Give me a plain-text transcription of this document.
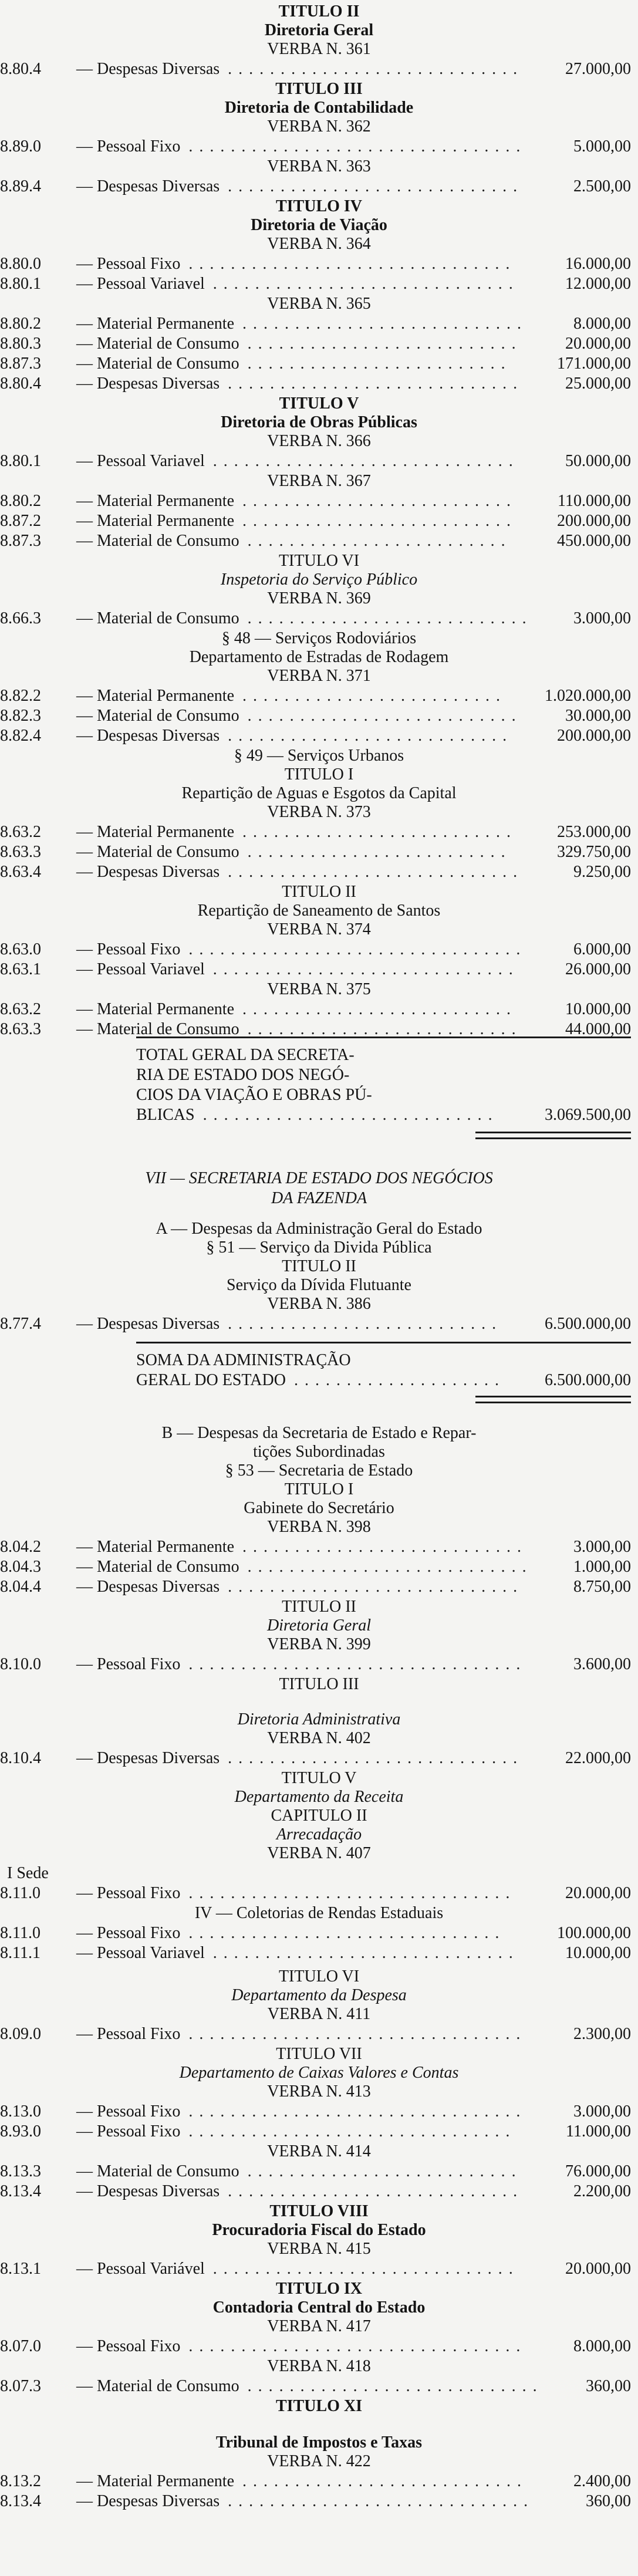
TITULO II
Diretoria Geral
VERBA N. 361
8.80.4 — Despesas Diversas	27.000,00
. . . . . . . . . . . . . . . . . . . . . . . . . . . .
TITULO III
Diretoria de Contabilidade
VERBA N. 362
8.89.0 — Pessoal Fixo	5.000,00
. . . . . . . . . . . . . . . . . . . . . . . . . . . . . . . .
VERBA N. 363
8.89.4 — Despesas Diversas	2.500,00
. . . . . . . . . . . . . . . . . . . . . . . . . . . .
TITULO IV
Diretoria de Viação
VERBA N. 364
8.80.0 — Pessoal Fixo	16.000,00
. . . . . . . . . . . . . . . . . . . . . . . . . . . . . . .
8.80.1 — Pessoal Variavel	12.000,00
. . . . . . . . . . . . . . . . . . . . . . . . . . . . .
VERBA N. 365
8.80.2 — Material Permanente	8.000,00
. . . . . . . . . . . . . . . . . . . . . . . . . . .
8.80.3 — Material de Consumo	20.000,00
. . . . . . . . . . . . . . . . . . . . . . . . . .
8.87.3 — Material de Consumo	171.000,00
. . . . . . . . . . . . . . . . . . . . . . . . .
8.80.4 — Despesas Diversas	25.000,00
. . . . . . . . . . . . . . . . . . . . . . . . . . . .
TITULO V
Diretoria de Obras Públicas
VERBA N. 366
8.80.1 — Pessoal Variavel	50.000,00
. . . . . . . . . . . . . . . . . . . . . . . . . . . . .
VERBA N. 367
8.80.2 — Material Permanente	110.000,00
. . . . . . . . . . . . . . . . . . . . . . . . . .
8.87.2 — Material Permanente	200.000,00
. . . . . . . . . . . . . . . . . . . . . . . . . .
8.87.3 — Material de Consumo	450.000,00
. . . . . . . . . . . . . . . . . . . . . . . . .
TITULO VI
Inspetoria do Serviço Público
VERBA N. 369
8.66.3 — Material de Consumo	3.000,00
. . . . . . . . . . . . . . . . . . . . . . . . . . .
§ 48 — Serviços Rodoviários
Departamento de Estradas de Rodagem
VERBA N. 371
8.82.2 — Material Permanente	1.020.000,00
. . . . . . . . . . . . . . . . . . . . . . . . .
8.82.3 — Material de Consumo	30.000,00
. . . . . . . . . . . . . . . . . . . . . . . . . .
8.82.4 — Despesas Diversas	200.000,00
. . . . . . . . . . . . . . . . . . . . . . . . . . .
§ 49 — Serviços Urbanos
TITULO I
Repartição de Aguas e Esgotos da Capital
VERBA N. 373
8.63.2 — Material Permanente	253.000,00
. . . . . . . . . . . . . . . . . . . . . . . . . .
8.63.3 — Material de Consumo	329.750,00
. . . . . . . . . . . . . . . . . . . . . . . . .
8.63.4 — Despesas Diversas	9.250,00
. . . . . . . . . . . . . . . . . . . . . . . . . . . .
TITULO II
Repartição de Saneamento de Santos
VERBA N. 374
8.63.0 — Pessoal Fixo	6.000,00
. . . . . . . . . . . . . . . . . . . . . . . . . . . . . . . .
8.63.1 — Pessoal Variavel	26.000,00
. . . . . . . . . . . . . . . . . . . . . . . . . . . . .
VERBA N. 375
8.63.2 — Material Permanente	10.000,00
. . . . . . . . . . . . . . . . . . . . . . . . . .
8.63.3 — Material de Consumo	44.000,00
. . . . . . . . . . . . . . . . . . . . . . . . . .
TOTAL GERAL DA SECRETA-
RIA DE ESTADO DOS NEGÓ-
CIOS DA VIAÇÃO E OBRAS PÚ-
BLICAS	3.069.500,00
. . . . . . . . . . . . . . . . . . . . . . . . . . . .
VII — SECRETARIA DE ESTADO DOS NEGÓCIOS
DA FAZENDA
A — Despesas da Administração Geral do Estado
§ 51 — Serviço da Divida Pública
TITULO II
Serviço da Dívida Flutuante
VERBA N. 386
8.77.4 — Despesas Diversas	6.500.000,00
. . . . . . . . . . . . . . . . . . . . . . . . . .
SOMA DA ADMINISTRAÇÃO
GERAL DO ESTADO	6.500.000,00
. . . . . . . . . . . . . . . . . . . .
B — Despesas da Secretaria de Estado e Repar-
tições Subordinadas
§ 53 — Secretaria de Estado
TITULO I
Gabinete do Secretário
VERBA N. 398
8.04.2 — Material Permanente	3.000,00
. . . . . . . . . . . . . . . . . . . . . . . . . . .
8.04.3 — Material de Consumo	1.000,00
. . . . . . . . . . . . . . . . . . . . . . . . . . .
8.04.4 — Despesas Diversas	8.750,00
. . . . . . . . . . . . . . . . . . . . . . . . . . . .
TITULO II
Diretoria Geral
VERBA N. 399
8.10.0 — Pessoal Fixo	3.600,00
. . . . . . . . . . . . . . . . . . . . . . . . . . . . . . . .
TITULO III
Diretoria Administrativa
VERBA N. 402
8.10.4 — Despesas Diversas	22.000,00
. . . . . . . . . . . . . . . . . . . . . . . . . . . .
TITULO V
Departamento da Receita
CAPITULO II
Arrecadação
VERBA N. 407
I Sede
8.11.0 — Pessoal Fixo	20.000,00
. . . . . . . . . . . . . . . . . . . . . . . . . . . . . . .
IV — Coletorias de Rendas Estaduais
8.11.0 — Pessoal Fixo	100.000,00
. . . . . . . . . . . . . . . . . . . . . . . . . . . . . .
8.11.1 — Pessoal Variavel	10.000,00
. . . . . . . . . . . . . . . . . . . . . . . . . . . . .
TITULO VI
Departamento da Despesa
VERBA N. 411
8.09.0 — Pessoal Fixo	2.300,00
. . . . . . . . . . . . . . . . . . . . . . . . . . . . . . . .
TITULO VII
Departamento de Caixas Valores e Contas
VERBA N. 413
8.13.0 — Pessoal Fixo	3.000,00
. . . . . . . . . . . . . . . . . . . . . . . . . . . . . . . .
8.93.0 — Pessoal Fixo	11.000,00
. . . . . . . . . . . . . . . . . . . . . . . . . . . . . . .
VERBA N. 414
8.13.3 — Material de Consumo	76.000,00
. . . . . . . . . . . . . . . . . . . . . . . . . .
8.13.4 — Despesas Diversas	2.200,00
. . . . . . . . . . . . . . . . . . . . . . . . . . . .
TITULO VIII
Procuradoria Fiscal do Estado
VERBA N. 415
8.13.1 — Pessoal Variável	20.000,00
. . . . . . . . . . . . . . . . . . . . . . . . . . . . .
TITULO IX
Contadoria Central do Estado
VERBA N. 417
8.07.0 — Pessoal Fixo	8.000,00
. . . . . . . . . . . . . . . . . . . . . . . . . . . . . . . .
VERBA N. 418
8.07.3 — Material de Consumo	360,00
. . . . . . . . . . . . . . . . . . . . . . . . . . . .
TITULO XI
Tribunal de Impostos e Taxas
VERBA N. 422
8.13.2 — Material Permanente	2.400,00
. . . . . . . . . . . . . . . . . . . . . . . . . . .
8.13.4 — Despesas Diversas	360,00
. . . . . . . . . . . . . . . . . . . . . . . . . . . . .
